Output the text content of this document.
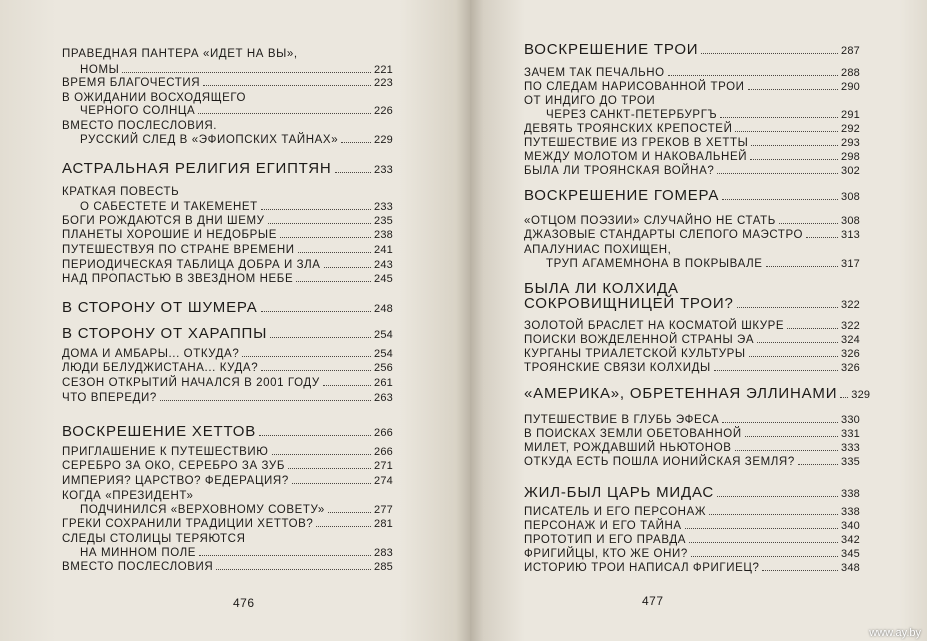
ПРАВЕДНАЯ ПАНТЕРА «ИДЕТ НА ВЫ»,
НОМЫ	221
ВРЕМЯ БЛАГОЧЕСТИЯ	223
В ОЖИДАНИИ ВОСХОДЯЩЕГО
ЧЕРНОГО СОЛНЦА	226
ВМЕСТО ПОСЛЕСЛОВИЯ.
РУССКИЙ СЛЕД В «ЭФИОПСКИХ ТАЙНАХ»	229
АСТРАЛЬНАЯ РЕЛИГИЯ ЕГИПТЯН	233
КРАТКАЯ ПОВЕСТЬ
О САБЕСТЕТЕ И ТАКЕМЕНЕТ	233
БОГИ РОЖДАЮТСЯ В ДНИ ШЕМУ	235
ПЛАНЕТЫ ХОРОШИЕ И НЕДОБРЫЕ	238
ПУТЕШЕСТВУЯ ПО СТРАНЕ ВРЕМЕНИ	241
ПЕРИОДИЧЕСКАЯ ТАБЛИЦА ДОБРА И ЗЛА	243
НАД ПРОПАСТЬЮ В ЗВЕЗДНОМ НЕБЕ	245
В СТОРОНУ ОТ ШУМЕРА	248
В СТОРОНУ ОТ ХАРАППЫ	254
ДОМА И АМБАРЫ... ОТКУДА?	254
ЛЮДИ БЕЛУДЖИСТАНА... КУДА?	256
СЕЗОН ОТКРЫТИЙ НАЧАЛСЯ В 2001 ГОДУ	261
ЧТО ВПЕРЕДИ?	263
ВОСКРЕШЕНИЕ ХЕТТОВ	266
ПРИГЛАШЕНИЕ К ПУТЕШЕСТВИЮ	266
СЕРЕБРО ЗА ОКО, СЕРЕБРО ЗА ЗУБ	271
ИМПЕРИЯ? ЦАРСТВО? ФЕДЕРАЦИЯ?	274
КОГДА «ПРЕЗИДЕНТ»
ПОДЧИНИЛСЯ «ВЕРХОВНОМУ СОВЕТУ»	277
ГРЕКИ СОХРАНИЛИ ТРАДИЦИИ ХЕТТОВ?	281
СЛЕДЫ СТОЛИЦЫ ТЕРЯЮТСЯ
НА МИННОМ ПОЛЕ	283
ВМЕСТО ПОСЛЕСЛОВИЯ	285
476
ВОСКРЕШЕНИЕ ТРОИ	287
ЗАЧЕМ ТАК ПЕЧАЛЬНО	288
ПО СЛЕДАМ НАРИСОВАННОЙ ТРОИ	290
ОТ ИНДИГО ДО ТРОИ
ЧЕРЕЗ САНКТ-ПЕТЕРБУРГЪ	291
ДЕВЯТЬ ТРОЯНСКИХ КРЕПОСТЕЙ	292
ПУТЕШЕСТВИЕ ИЗ ГРЕКОВ В ХЕТТЫ	293
МЕЖДУ МОЛОТОМ И НАКОВАЛЬНЕЙ	298
БЫЛА ЛИ ТРОЯНСКАЯ ВОЙНА?	302
ВОСКРЕШЕНИЕ ГОМЕРА	308
«ОТЦОМ ПОЭЗИИ» СЛУЧАЙНО НЕ СТАТЬ	308
ДЖАЗОВЫЕ СТАНДАРТЫ СЛЕПОГО МАЭСТРО	313
АПАЛУНИАС ПОХИЩЕН,
ТРУП АГАМЕМНОНА В ПОКРЫВАЛЕ	317
БЫЛА ЛИ КОЛХИДА
СОКРОВИЩНИЦЕЙ ТРОИ?	322
ЗОЛОТОЙ БРАСЛЕТ НА КОСМАТОЙ ШКУРЕ	322
ПОИСКИ ВОЖДЕЛЕННОЙ СТРАНЫ ЭА	324
КУРГАНЫ ТРИАЛЕТСКОЙ КУЛЬТУРЫ	326
ТРОЯНСКИЕ СВЯЗИ КОЛХИДЫ	326
«АМЕРИКА», ОБРЕТЕННАЯ ЭЛЛИНАМИ 329
ПУТЕШЕСТВИЕ В ГЛУБЬ ЭФЕСА	330
В ПОИСКАХ ЗЕМЛИ ОБЕТОВАННОЙ	331
МИЛЕТ, РОЖДАВШИЙ НЬЮТОНОВ	333
ОТКУДА ЕСТЬ ПОШЛА ИОНИЙСКАЯ ЗЕМЛЯ?	335
ЖИЛ-БЫЛ ЦАРЬ МИДАС	338
ПИСАТЕЛЬ И ЕГО ПЕРСОНАЖ	338
ПЕРСОНАЖ И ЕГО ТАЙНА	340
ПРОТОТИП И ЕГО ПРАВДА	342
ФРИГИЙЦЫ, КТО ЖЕ ОНИ?	345
ИСТОРИЮ ТРОИ НАПИСАЛ ФРИГИЕЦ?	348
477
www.ay.by
